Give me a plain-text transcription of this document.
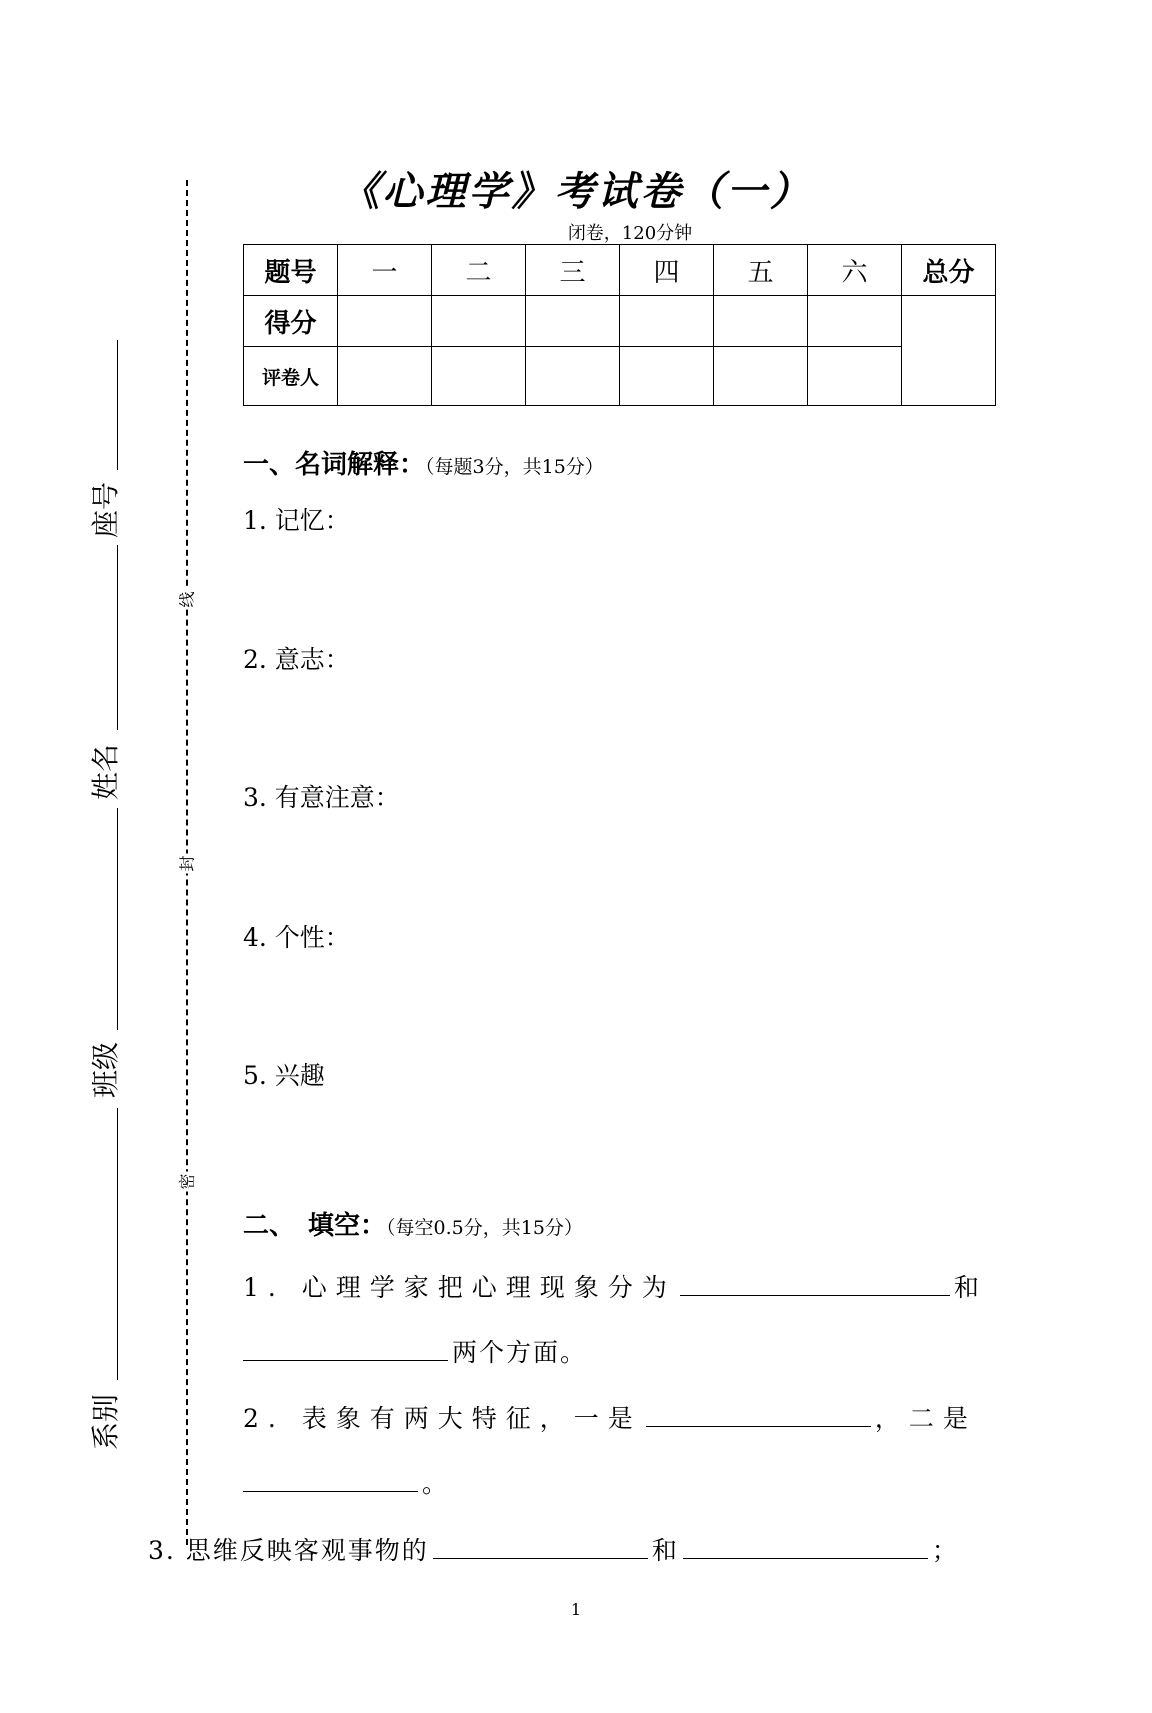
《心理学》考试卷（一）
闭卷，120分钟
题号	一	二	三	四	五	六	总分
得分							
评卷人							
一、名词解释：（每题3分，共15分）
1. 记忆：
2. 意志：
3. 有意注意：
4. 个性：
5. 兴趣
二、　填空：（每空0.5分，共15分）
1. 心理学家把心理现象分为	和
两个方面。
2. 表象有两大特征，一是	，二是
。
3. 思维反映客观事物的	和	；
线
封
密
座号
姓名
班级
系别
1
